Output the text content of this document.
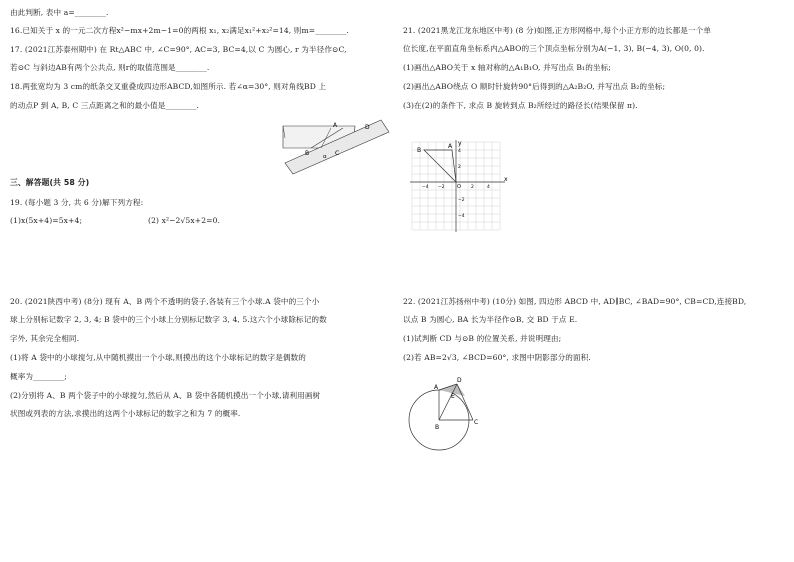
由此判断, 表中 a=________.
16.已知关于 x 的一元二次方程x²−mx+2m−1=0的两根 x₁, x₂满足x₁²+x₂²=14, 则m=________.
17. (2021江苏泰州期中) 在 Rt△ABC 中, ∠C=90°, AC=3, BC=4,以 C 为圆心, r 为半径作⊙C,
若⊙C 与斜边AB有两个公共点, 则r的取值范围是________.
18.两张宽均为 3 cm的纸条交叉重叠成四边形ABCD,如图所示. 若∠α=30°, 则对角线BD 上
的动点P 到 A, B, C 三点距离之和的最小值是________.
A	D
B	C
α
三、解答题(共 58 分)
19. (每小题 3 分, 共 6 分)解下列方程:
(1)x(5x+4)=5x+4;	(2) x²−2√5x+2=0.
20. (2021陕西中考) (8分) 现有 A、B 两个不透明的袋子,各装有三个小球.A 袋中的三个小
球上分别标记数字 2, 3, 4; B 袋中的三个小球上分别标记数字 3, 4, 5.这六个小球除标记的数
字外, 其余完全相同.
(1)将 A 袋中的小球搅匀,从中随机摸出一个小球,则摸出的这个小球标记的数字是偶数的
概率为________;
(2)分别将 A、B 两个袋子中的小球搅匀,然后从 A、B 袋中各随机摸出一个小球,请利用画树
状图或列表的方法,求摸出的这两个小球标记的数字之和为 7 的概率.
21. (2021黑龙江龙东地区中考) (8 分)如图,正方形网格中,每个小正方形的边长都是一个单
位长度,在平面直角坐标系内△ABO的三个顶点坐标分别为A(−1, 3), B(−4, 3), O(0, 0).
(1)画出△ABO关于 x 轴对称的△A₁B₁O, 并写出点 B₁的坐标;
(2)画出△ABO绕点 O 顺时针旋转90°后得到的△A₂B₂O, 并写出点 B₂的坐标;
(3)在(2)的条件下, 求点 B 旋转到点 B₂所经过的路径长(结果保留 π).
B
A y
x
O
−4 −2	2	4
4
2
−2
−4
22. (2021江苏扬州中考) (10分) 如图, 四边形 ABCD 中, AD∥BC, ∠BAD=90°, CB=CD,连接BD,
以点 B 为圆心, BA 长为半径作⊙B, 交 BD 于点 E.
(1)试判断 CD 与⊙B 的位置关系, 并说明理由;
(2)若 AB=2√3, ∠BCD=60°, 求图中阴影部分的面积.
A
D
E
B
C
